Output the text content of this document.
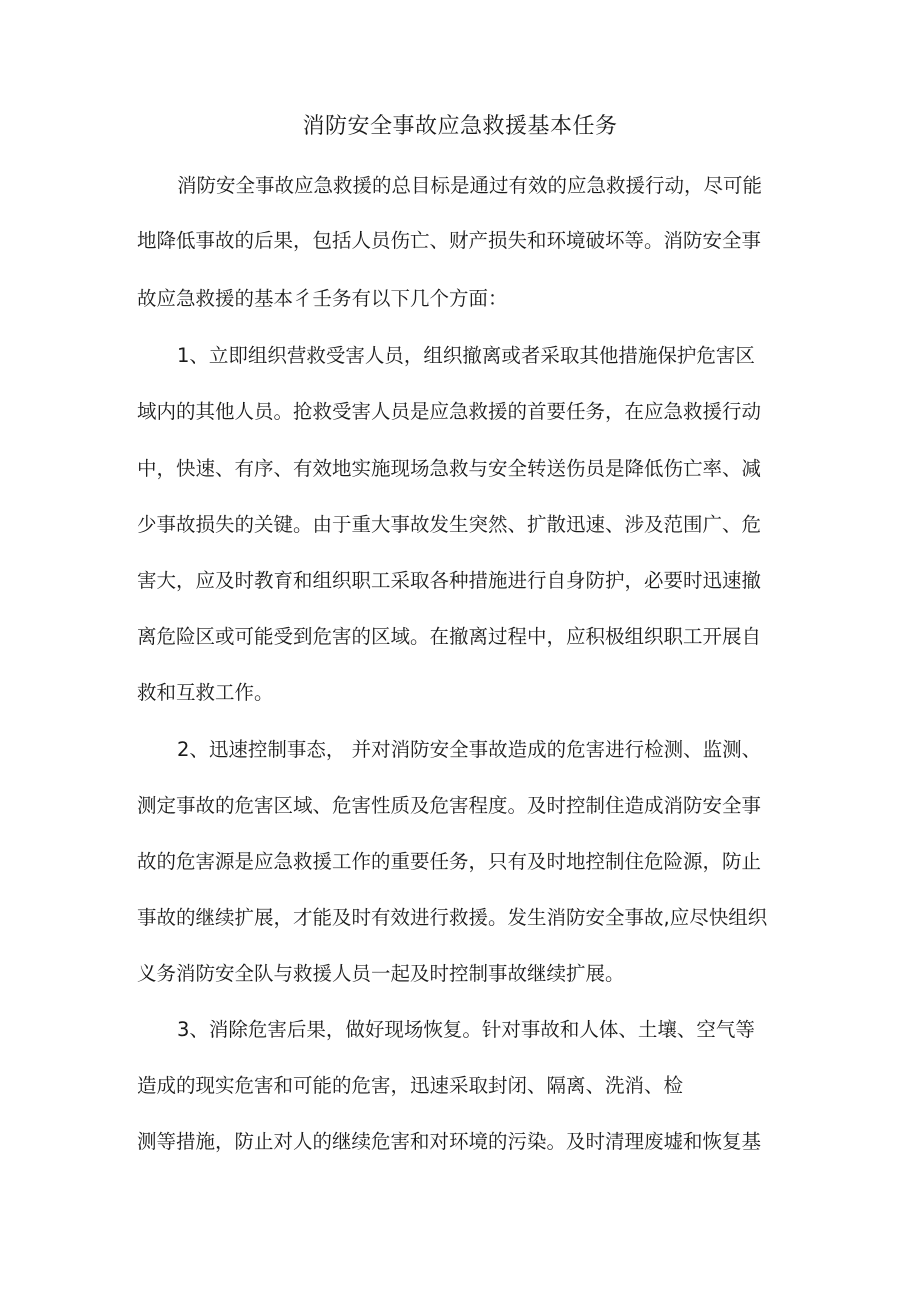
消防安全事故应急救援基本任务

消防安全事故应急救援的总目标是通过有效的应急救援行动，尽可能

地降低事故的后果，包括人员伤亡、财产损失和环境破坏等。消防安全事

故应急救援的基本彳壬务有以下几个方面：

1、立即组织营救受害人员，组织撤离或者采取其他措施保护危害区

域内的其他人员。抢救受害人员是应急救援的首要任务，在应急救援行动

中，快速、有序、有效地实施现场急救与安全转送伤员是降低伤亡率、减

少事故损失的关键。由于重大事故发生突然、扩散迅速、涉及范围广、危

害大，应及时教育和组织职工采取各种措施进行自身防护，必要时迅速撤

离危险区或可能受到危害的区域。在撤离过程中，应积极组织职工开展自

救和互救工作。

2、迅速控制事态， 并对消防安全事故造成的危害进行检测、监测、

测定事故的危害区域、危害性质及危害程度。及时控制住造成消防安全事

故的危害源是应急救援工作的重要任务，只有及时地控制住危险源，防止

事故的继续扩展，才能及时有效进行救援。发生消防安全事故,应尽快组织

义务消防安全队与救援人员一起及时控制事故继续扩展。

3、消除危害后果，做好现场恢复。针对事故和人体、土壤、空气等

造成的现实危害和可能的危害，迅速采取封闭、隔离、洗消、检

测等措施，防止对人的继续危害和对环境的污染。及时清理废墟和恢复基
